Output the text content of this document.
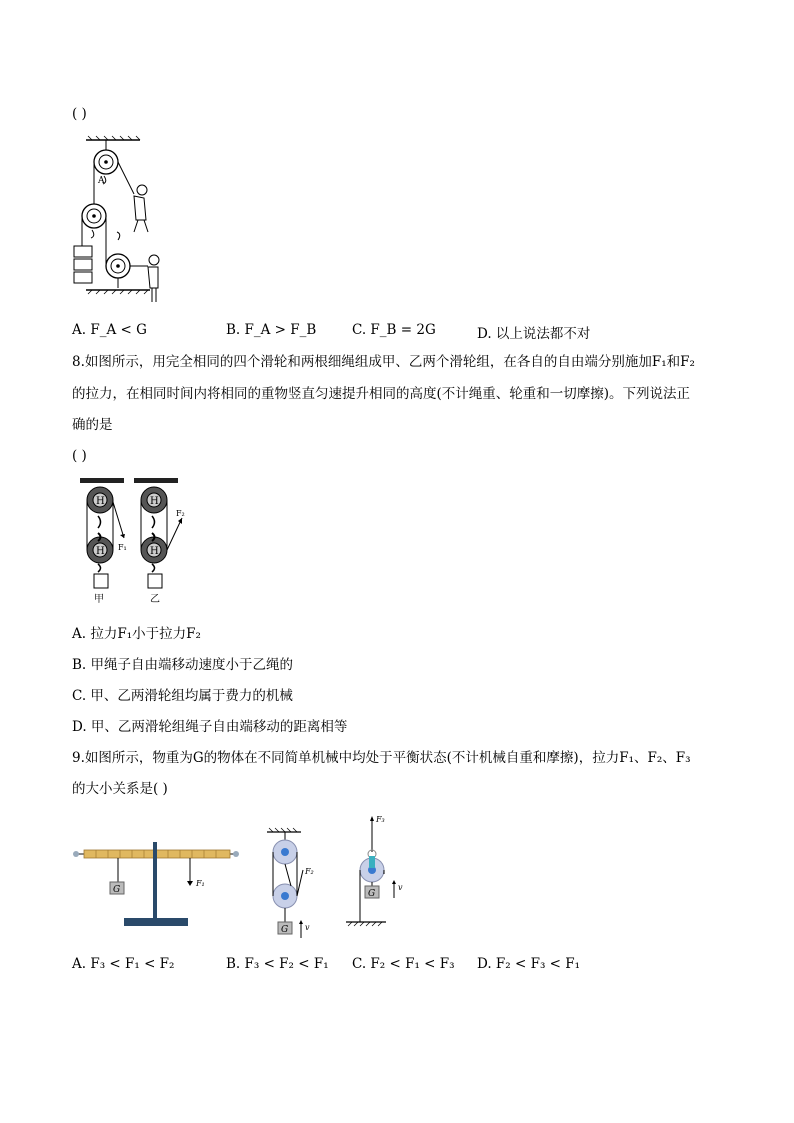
( )
A
A. F_A < G	B. F_A > F_B	C. F_B = 2G	D. 以上说法都不对
8.如图所示，用完全相同的四个滑轮和两根细绳组成甲、乙两个滑轮组，在各自的自由端分别施加F₁和F₂
的拉力，在相同时间内将相同的重物竖直匀速提升相同的高度(不计绳重、轮重和一切摩擦)。下列说法正
确的是
( )
H
F₁
H
甲
H
F₂
H
乙
A. 拉力F₁小于拉力F₂
B. 甲绳子自由端移动速度小于乙绳的
C. 甲、乙两滑轮组均属于费力的机械
D. 甲、乙两滑轮组绳子自由端移动的距离相等
9.如图所示，物重为G的物体在不同简单机械中均处于平衡状态(不计机械自重和摩擦)，拉力F₁、F₂、F₃
的大小关系是( )
G
F₁
F₂
G v
F₃
G
v
A. F₃ < F₁ < F₂	B. F₃ < F₂ < F₁ C. F₂ < F₁ < F₃ D. F₂ < F₃ < F₁
